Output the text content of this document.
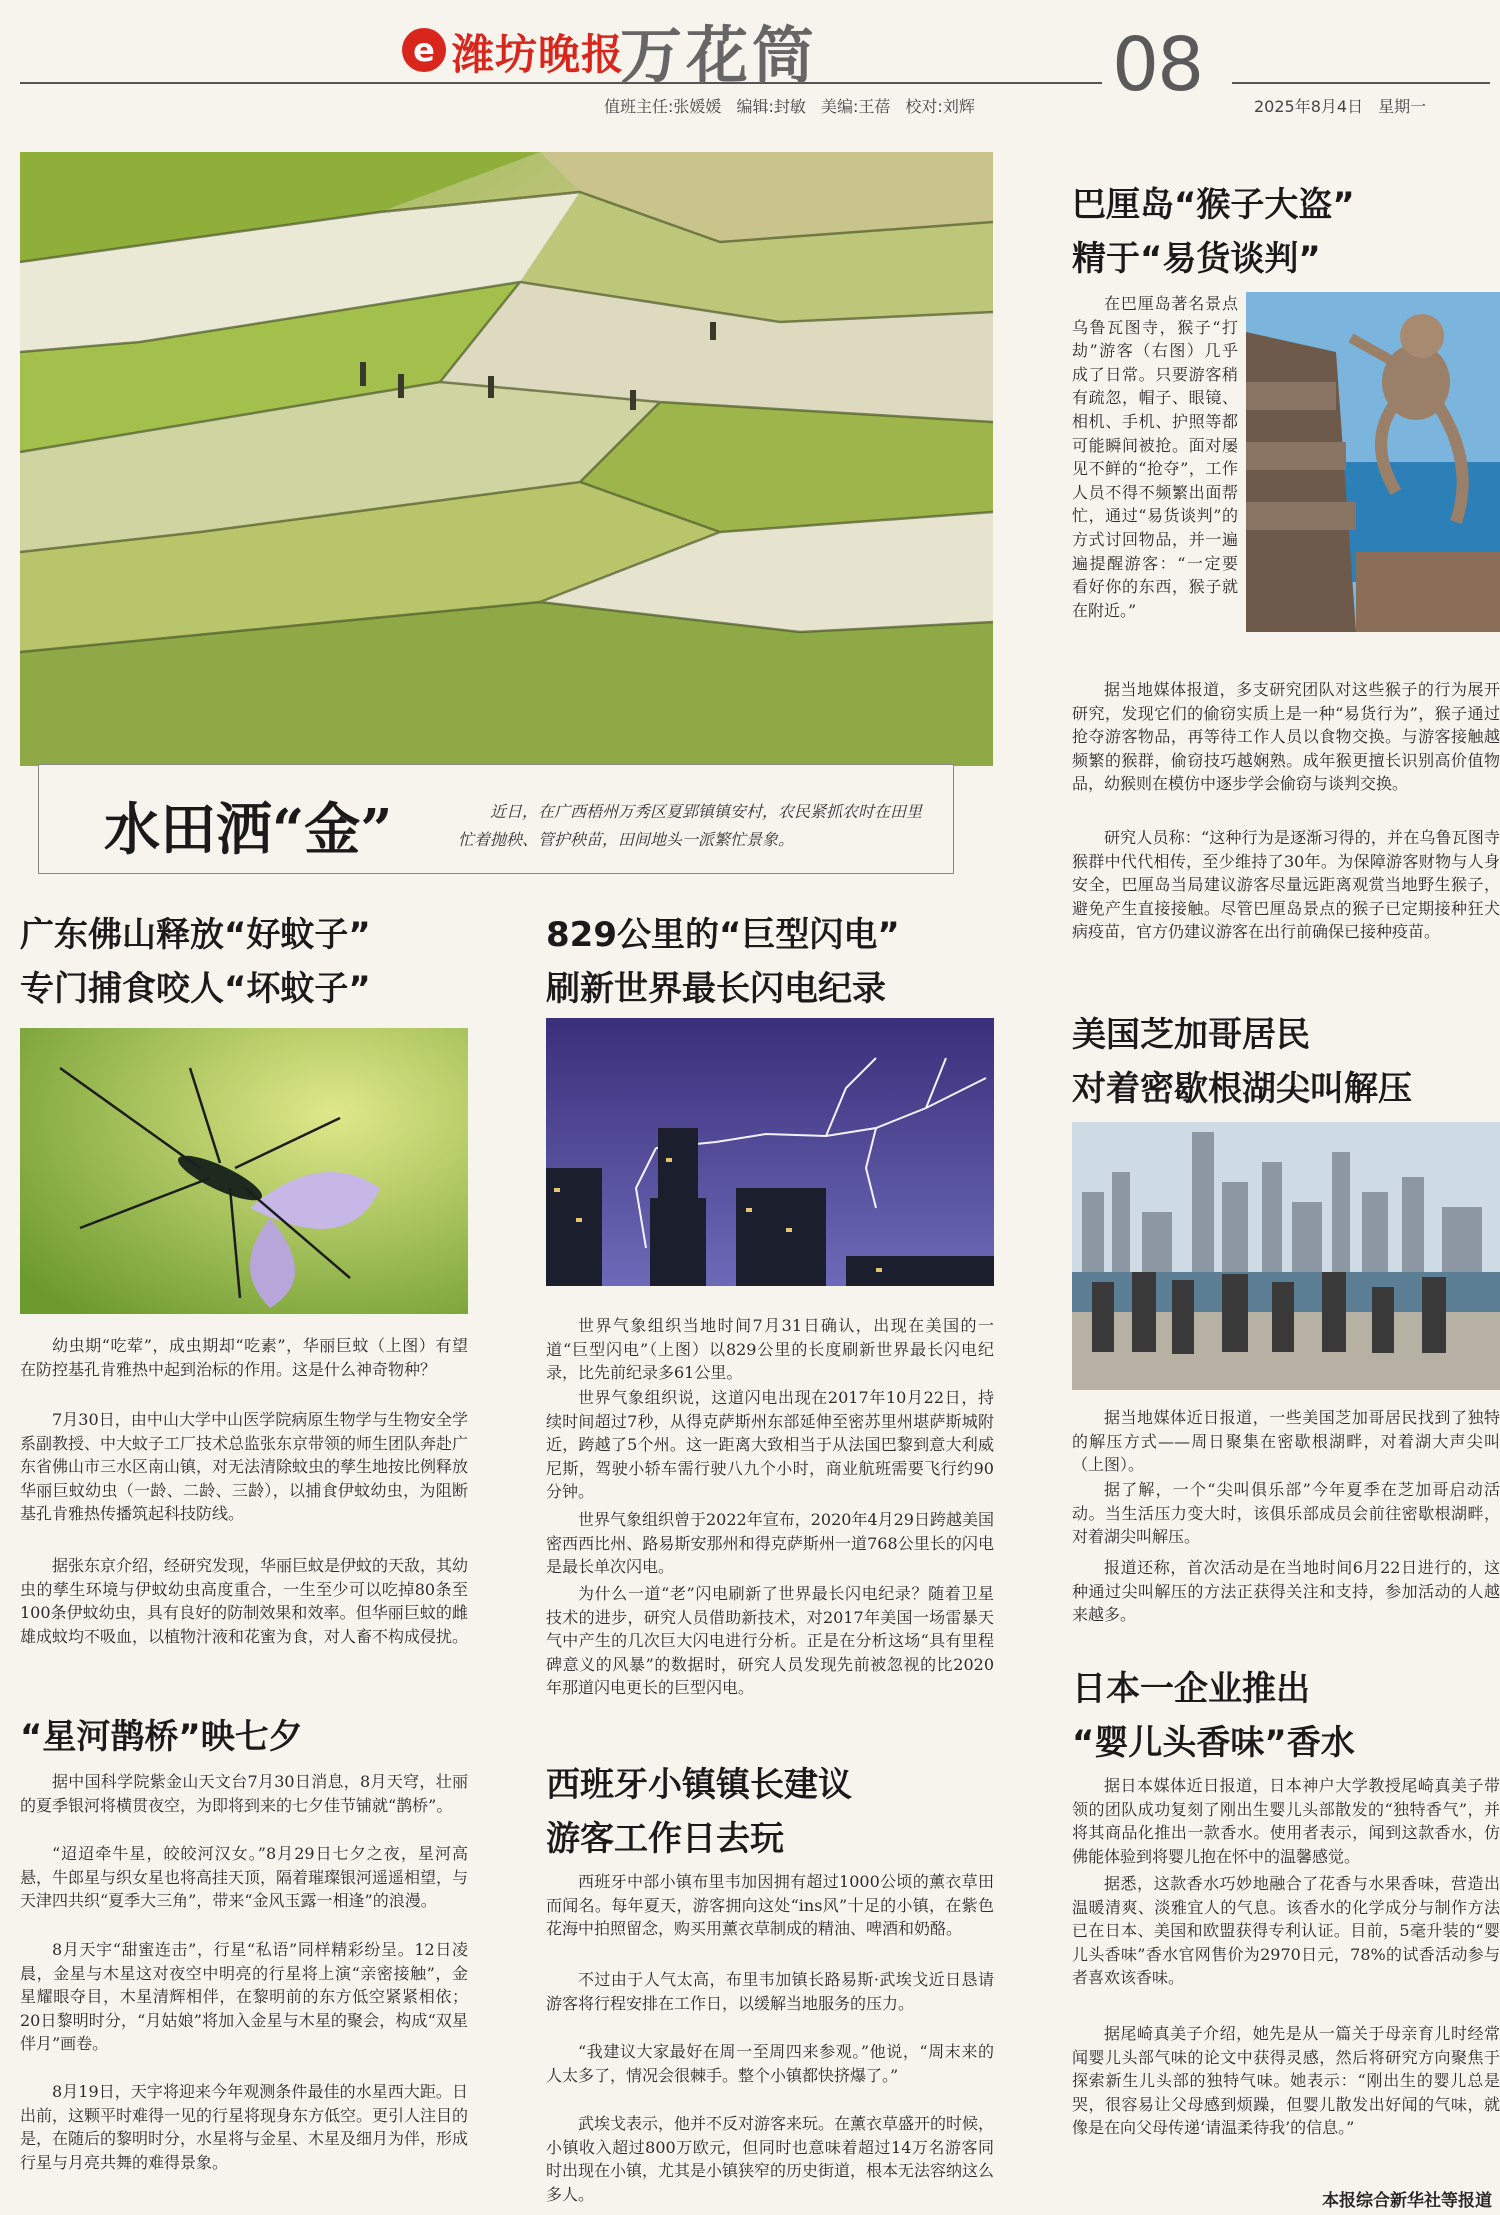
e 潍坊晚报
万花筒	08
值班主任:张媛媛 编辑:封敏 美编:王蓓 校对:刘辉	2025年8月4日 星期一
水田洒“金”	近日，在广西梧州万秀区夏郢镇镇安村，农民紧抓农时在田里忙着抛秧、管护秧苗，田间地头一派繁忙景象。
巴厘岛“猴子大盗”
精于“易货谈判”

在巴厘岛著名景点乌鲁瓦图寺，猴子“打劫”游客（右图）几乎成了日常。只要游客稍有疏忽，帽子、眼镜、相机、手机、护照等都可能瞬间被抢。面对屡见不鲜的“抢夺”，工作人员不得不频繁出面帮忙，通过“易货谈判”的方式讨回物品，并一遍遍提醒游客：“一定要看好你的东西，猴子就在附近。”

据当地媒体报道，多支研究团队对这些猴子的行为展开研究，发现它们的偷窃实质上是一种“易货行为”，猴子通过抢夺游客物品，再等待工作人员以食物交换。与游客接触越频繁的猴群，偷窃技巧越娴熟。成年猴更擅长识别高价值物品，幼猴则在模仿中逐步学会偷窃与谈判交换。

研究人员称：“这种行为是逐渐习得的，并在乌鲁瓦图寺猴群中代代相传，至少维持了30年。为保障游客财物与人身安全，巴厘岛当局建议游客尽量远距离观赏当地野生猴子，避免产生直接接触。尽管巴厘岛景点的猴子已定期接种狂犬病疫苗，官方仍建议游客在出行前确保已接种疫苗。

美国芝加哥居民
对着密歇根湖尖叫解压

据当地媒体近日报道，一些美国芝加哥居民找到了独特的解压方式——周日聚集在密歇根湖畔，对着湖大声尖叫（上图）。

据了解，一个“尖叫俱乐部”今年夏季在芝加哥启动活动。当生活压力变大时，该俱乐部成员会前往密歇根湖畔，对着湖尖叫解压。

报道还称，首次活动是在当地时间6月22日进行的，这种通过尖叫解压的方法正获得关注和支持，参加活动的人越来越多。

日本一企业推出
“婴儿头香味”香水

据日本媒体近日报道，日本神户大学教授尾崎真美子带领的团队成功复刻了刚出生婴儿头部散发的“独特香气”，并将其商品化推出一款香水。使用者表示，闻到这款香水，仿佛能体验到将婴儿抱在怀中的温馨感觉。

据悉，这款香水巧妙地融合了花香与水果香味，营造出温暖清爽、淡雅宜人的气息。该香水的化学成分与制作方法已在日本、美国和欧盟获得专利认证。目前，5毫升装的“婴儿头香味”香水官网售价为2970日元，78%的试香活动参与者喜欢该香味。

据尾崎真美子介绍，她先是从一篇关于母亲育儿时经常闻婴儿头部气味的论文中获得灵感，然后将研究方向聚焦于探索新生儿头部的独特气味。她表示：“刚出生的婴儿总是哭，很容易让父母感到烦躁，但婴儿散发出好闻的气味，就像是在向父母传递‘请温柔待我’的信息。”

广东佛山释放“好蚊子”
专门捕食咬人“坏蚊子”

幼虫期“吃荤”，成虫期却“吃素”，华丽巨蚊（上图）有望在防控基孔肯雅热中起到治标的作用。这是什么神奇物种？

7月30日，由中山大学中山医学院病原生物学与生物安全学系副教授、中大蚊子工厂技术总监张东京带领的师生团队奔赴广东省佛山市三水区南山镇，对无法清除蚊虫的孳生地按比例释放华丽巨蚊幼虫（一龄、二龄、三龄），以捕食伊蚊幼虫，为阻断基孔肯雅热传播筑起科技防线。

据张东京介绍，经研究发现，华丽巨蚊是伊蚊的天敌，其幼虫的孳生环境与伊蚊幼虫高度重合，一生至少可以吃掉80条至100条伊蚊幼虫，具有良好的防制效果和效率。但华丽巨蚊的雌雄成蚊均不吸血，以植物汁液和花蜜为食，对人畜不构成侵扰。

“星河鹊桥”映七夕

据中国科学院紫金山天文台7月30日消息，8月天穹，壮丽的夏季银河将横贯夜空，为即将到来的七夕佳节铺就“鹊桥”。

“迢迢牵牛星，皎皎河汉女。”8月29日七夕之夜，星河高悬，牛郎星与织女星也将高挂天顶，隔着璀璨银河遥遥相望，与天津四共织“夏季大三角”，带来“金风玉露一相逢”的浪漫。

8月天宇“甜蜜连击”，行星“私语”同样精彩纷呈。12日凌晨，金星与木星这对夜空中明亮的行星将上演“亲密接触”，金星耀眼夺目，木星清辉相伴，在黎明前的东方低空紧紧相依；20日黎明时分，“月姑娘”将加入金星与木星的聚会，构成“双星伴月”画卷。

8月19日，天宇将迎来今年观测条件最佳的水星西大距。日出前，这颗平时难得一见的行星将现身东方低空。更引人注目的是，在随后的黎明时分，水星将与金星、木星及细月为伴，形成行星与月亮共舞的难得景象。

829公里的“巨型闪电”
刷新世界最长闪电纪录

世界气象组织当地时间7月31日确认，出现在美国的一道“巨型闪电”（上图）以829公里的长度刷新世界最长闪电纪录，比先前纪录多61公里。

世界气象组织说，这道闪电出现在2017年10月22日，持续时间超过7秒，从得克萨斯州东部延伸至密苏里州堪萨斯城附近，跨越了5个州。这一距离大致相当于从法国巴黎到意大利威尼斯，驾驶小轿车需行驶八九个小时，商业航班需要飞行约90分钟。

世界气象组织曾于2022年宣布，2020年4月29日跨越美国密西西比州、路易斯安那州和得克萨斯州一道768公里长的闪电是最长单次闪电。

为什么一道“老”闪电刷新了世界最长闪电纪录？随着卫星技术的进步，研究人员借助新技术，对2017年美国一场雷暴天气中产生的几次巨大闪电进行分析。正是在分析这场“具有里程碑意义的风暴”的数据时，研究人员发现先前被忽视的比2020年那道闪电更长的巨型闪电。

西班牙小镇镇长建议
游客工作日去玩

西班牙中部小镇布里韦加因拥有超过1000公顷的薰衣草田而闻名。每年夏天，游客拥向这处“ins风”十足的小镇，在紫色花海中拍照留念，购买用薰衣草制成的精油、啤酒和奶酪。

不过由于人气太高，布里韦加镇长路易斯·武埃戈近日恳请游客将行程安排在工作日，以缓解当地服务的压力。

“我建议大家最好在周一至周四来参观。”他说，“周末来的人太多了，情况会很棘手。整个小镇都快挤爆了。”

武埃戈表示，他并不反对游客来玩。在薰衣草盛开的时候，小镇收入超过800万欧元，但同时也意味着超过14万名游客同时出现在小镇，尤其是小镇狭窄的历史街道，根本无法容纳这么多人。	本报综合新华社等报道
